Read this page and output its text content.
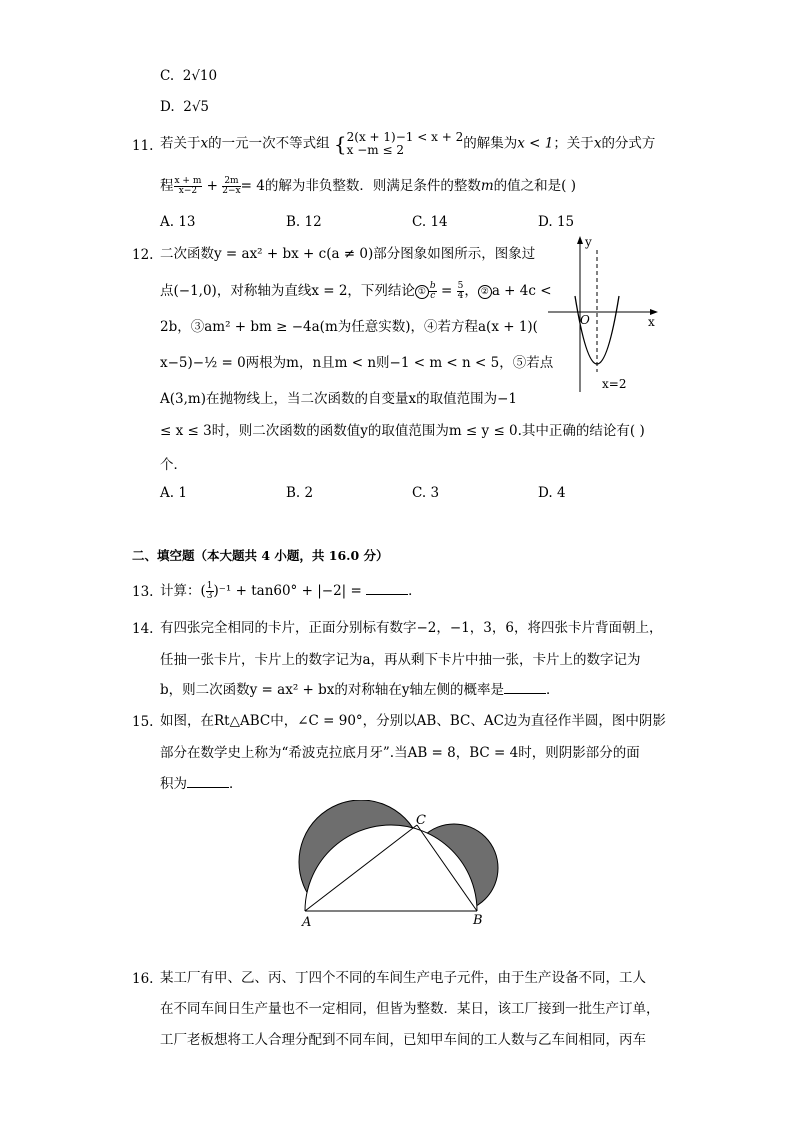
C. 2√10
D. 2√5
11. 若关于x的一元一次不等式组 { 2(x + 1)−1 < x + 2
x −m ≤ 2	的解集为x < 1；关于x的分式方
程 $\frac{x + m}{x-2} + \frac{2m}{2-x} = 4$的解为非负整数．则满足条件的整数m的值之和是( )
A. 13	B. 12	C. 14	D. 15
12. 二次函数y = ax² + bx + c(a ≠ 0)部分图象如图所示，图象过
点(−1,0)，对称轴为直线x = 2，下列结论 ① $\frac{b}{c} = \frac{5}{4}$ ， ② a + 4c <
2b，③am² + bm ≥ −4a(m为任意实数)，④若方程a(x + 1)(
x−5)−½ = 0两根为m，n且m < n则−1 < m < n < 5，⑤若点
A(3,m)在抛物线上，当二次函数的自变量x的取值范围为−1
≤ x ≤ 3时，则二次函数的函数值y的取值范围为m ≤ y ≤ 0.其中正确的结论有( )
个．
y
x
O
x=2
A. 1	B. 2	C. 3	D. 4
二、填空题（本大题共 4 小题，共 16.0 分）
13. 计算：( $\frac{1}{3} )^{-1} + \tan 60^\circ + |-2|$ =	．
14. 有四张完全相同的卡片，正面分别标有数字−2，−1，3，6，将四张卡片背面朝上，
任抽一张卡片，卡片上的数字记为a，再从剩下卡片中抽一张，卡片上的数字记为
b，则二次函数y = ax² + bx的对称轴在y轴左侧的概率是	．
15. 如图，在Rt△ABC中，∠C = 90°，分别以AB、BC、AC边为直径作半圆，图中阴影
部分在数学史上称为“希波克拉底月牙”.当AB = 8，BC = 4时，则阴影部分的面
积为	．
A	B
C
16. 某工厂有甲、乙、丙、丁四个不同的车间生产电子元件，由于生产设备不同，工人
在不同车间日生产量也不一定相同，但皆为整数．某日，该工厂接到一批生产订单，
工厂老板想将工人合理分配到不同车间，已知甲车间的工人数与乙车间相同，丙车
